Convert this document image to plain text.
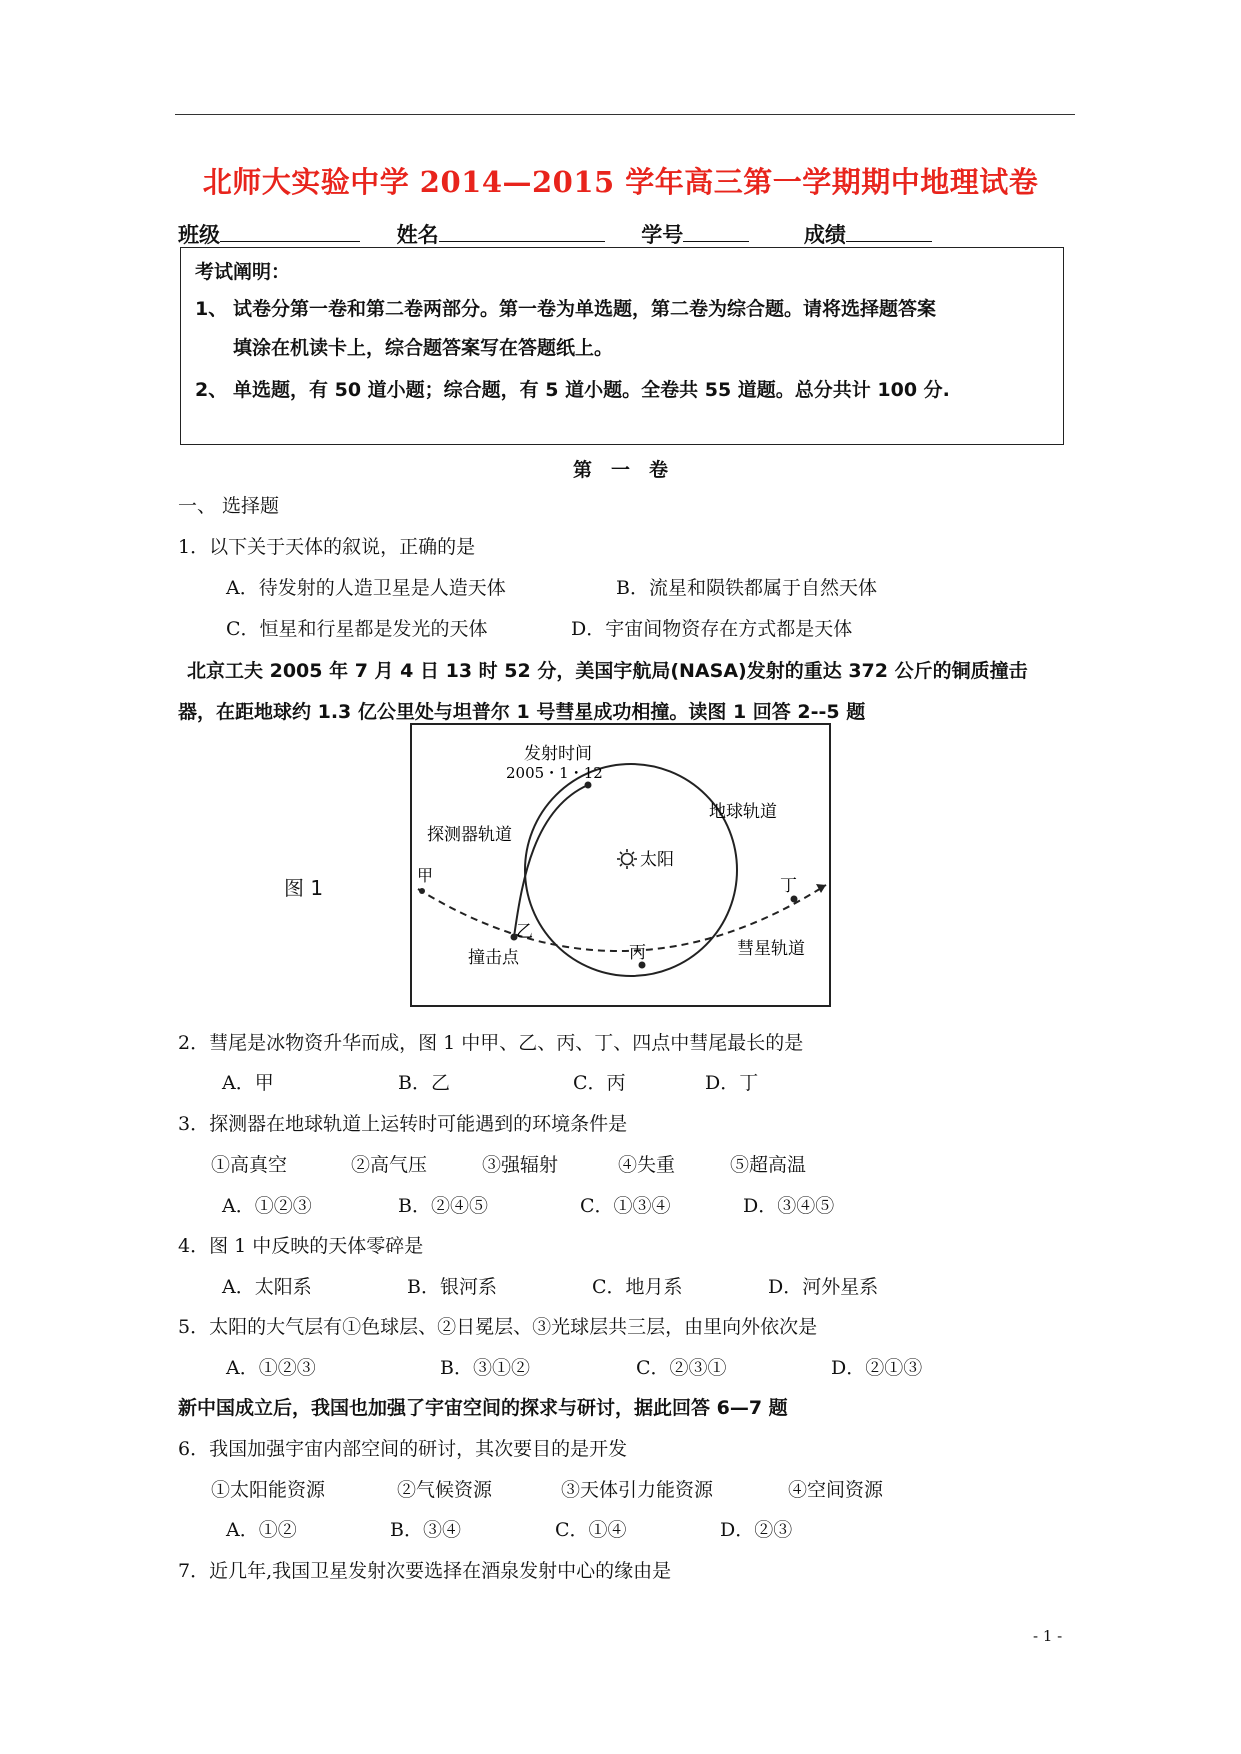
北师大实验中学 2014—2015 学年高三第一学期期中地理试卷
班级	姓名	学号	成绩
考试阐明：
1、 试卷分第一卷和第二卷两部分。第一卷为单选题，第二卷为综合题。请将选择题答案
填涂在机读卡上，综合题答案写在答题纸上。
2、 单选题，有 50 道小题；综合题，有 5 道小题。全卷共 55 道题。总分共计 100 分.
第　一　卷
一、 选择题
1．以下关于天体的叙说，正确的是
A．待发射的人造卫星是人造天体	B．流星和陨铁都属于自然天体
C．恒星和行星都是发光的天体	D．宇宙间物资存在方式都是天体
北京工夫 2005 年 7 月 4 日 13 时 52 分，美国宇航局(NASA)发射的重达 372 公斤的铜质撞击
器，在距地球约 1.3 亿公里处与坦普尔 1 号彗星成功相撞。读图 1 回答 2--5 题
图 1
发射时间
2005・1・12
地球轨道
探测器轨道
太阳
甲
乙
撞击点	丙
丁
彗星轨道
2．彗尾是冰物资升华而成，图 1 中甲、乙、丙、丁、四点中彗尾最长的是
A．甲	B．乙	C．丙	D．丁
3．探测器在地球轨道上运转时可能遇到的环境条件是
①高真空	②高气压	③强辐射	④失重	⑤超高温
A．①②③	B．②④⑤	C．①③④	D．③④⑤
4．图 1 中反映的天体零碎是
A．太阳系	B．银河系	C．地月系	D．河外星系
5．太阳的大气层有①色球层、②日冕层、③光球层共三层，由里向外依次是
A．①②③	B．③①②	C．②③①	D．②①③
新中国成立后，我国也加强了宇宙空间的探求与研讨，据此回答 6—7 题
6．我国加强宇宙内部空间的研讨，其次要目的是开发
①太阳能资源	②气候资源	③天体引力能资源	④空间资源
A．①②	B．③④	C．①④	D．②③
7．近几年,我国卫星发射次要选择在酒泉发射中心的缘由是
- 1 -
